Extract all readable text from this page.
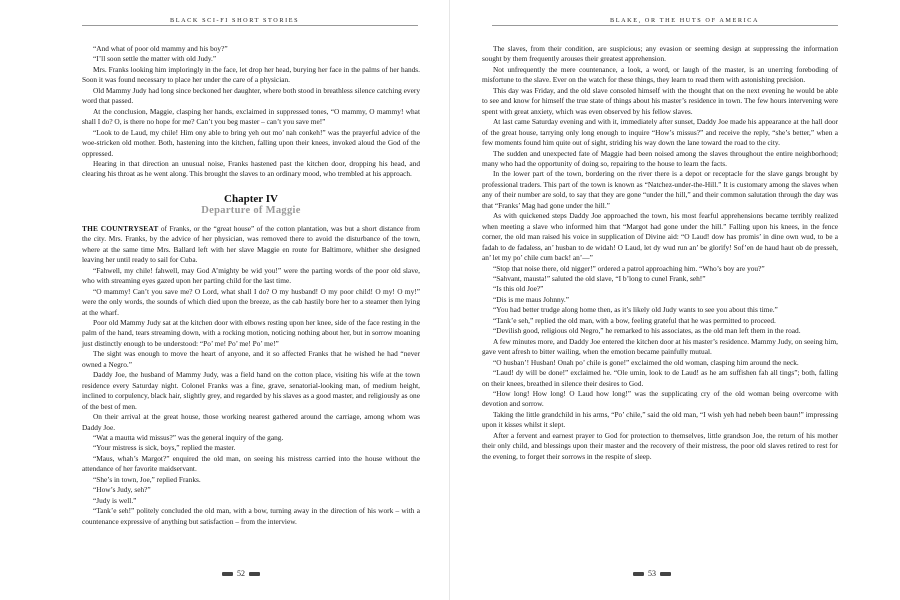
BLACK SCI-FI SHORT STORIES

“And what of poor old mammy and his boy?”

“I’ll soon settle the matter with old Judy.”

Mrs. Franks looking him imploringly in the face, let drop her head, burying her face in the palms of her hands. Soon it was found necessary to place her under the care of a physician.

Old Mammy Judy had long since beckoned her daughter, where both stood in breathless silence catching every word that passed.

At the conclusion, Maggie, clasping her hands, exclaimed in suppressed tones, “O mammy, O mammy! what shall I do? O, is there no hope for me? Can’t you beg master – can’t you save me!”

“Look to de Laud, my chile! Him ony able to bring yeh out mo’ nah conkeh!” was the prayerful advice of the woe-stricken old mother. Both, hastening into the kitchen, falling upon their knees, invoked aloud the God of the oppressed.

Hearing in that direction an unusual noise, Franks hastened past the kitchen door, dropping his head, and clearing his throat as he went along. This brought the slaves to an ordinary mood, who trembled at his approach.

Chapter IV
Departure of Maggie

THE COUNTRYSEAT of Franks, or the “great house” of the cotton plantation, was but a short distance from the city. Mrs. Franks, by the advice of her physician, was removed there to avoid the disturbance of the town, where at the same time Mrs. Ballard left with her slave Maggie en route for Baltimore, whither she designed leaving her until ready to sail for Cuba.

“Fahwell, my chile! fahwell, may God A’mighty be wid you!” were the parting words of the poor old slave, who with streaming eyes gazed upon her parting child for the last time.

“O mammy! Can’t you save me? O Lord, what shall I do? O my husband! O my poor child! O my! O my!” were the only words, the sounds of which died upon the breeze, as the cab hastily bore her to a steamer then lying at the wharf.

Poor old Mammy Judy sat at the kitchen door with elbows resting upon her knee, side of the face resting in the palm of the hand, tears streaming down, with a rocking motion, noticing nothing about her, but in sorrow moaning just distinctly enough to be understood: “Po’ me! Po’ me! Po’ me!”

The sight was enough to move the heart of anyone, and it so affected Franks that he wished he had “never owned a Negro.”

Daddy Joe, the husband of Mammy Judy, was a field hand on the cotton place, visiting his wife at the town residence every Saturday night. Colonel Franks was a fine, grave, senatorial-looking man, of medium height, inclined to corpulency, black hair, slightly grey, and regarded by his slaves as a good master, and religiously as one of the best of men.

On their arrival at the great house, those working nearest gathered around the carriage, among whom was Daddy Joe.

“Wat a mautta wid missus?” was the general inquiry of the gang.

“Your mistress is sick, boys,” replied the master.

“Maus, whah’s Margot?” enquired the old man, on seeing his mistress carried into the house without the attendance of her favorite maidservant.

“She’s in town, Joe,” replied Franks.

“How’s Judy, seh?”

“Judy is well.”

“Tank’e seh!” politely concluded the old man, with a bow, turning away in the direction of his work – with a countenance expressive of anything but satisfaction – from the interview.

52
BLAKE, OR THE HUTS OF AMERICA

The slaves, from their condition, are suspicious; any evasion or seeming design at suppressing the information sought by them frequently arouses their greatest apprehension.

Not unfrequently the mere countenance, a look, a word, or laugh of the master, is an unerring foreboding of misfortune to the slave. Ever on the watch for these things, they learn to read them with astonishing precision.

This day was Friday, and the old slave consoled himself with the thought that on the next evening he would be able to see and know for himself the true state of things about his master’s residence in town. The few hours intervening were spent with great anxiety, which was even observed by his fellow slaves.

At last came Saturday evening and with it, immediately after sunset, Daddy Joe made his appearance at the hall door of the great house, tarrying only long enough to inquire “How’s missus?” and receive the reply, “she’s better,” when a few moments found him quite out of sight, striding his way down the lane toward the road to the city.

The sudden and unexpected fate of Maggie had been noised among the slaves throughout the entire neighborhood; many who had the opportunity of doing so, repairing to the house to learn the facts.

In the lower part of the town, bordering on the river there is a depot or receptacle for the slave gangs brought by professional traders. This part of the town is known as “Natchez-under-the-Hill.” It is customary among the slaves when any of their number are sold, to say that they are gone “under the hill,” and their common salutation through the day was that “Franks’ Mag had gone under the hill.”

As with quickened steps Daddy Joe approached the town, his most fearful apprehensions became terribly realized when meeting a slave who informed him that “Margot had gone under the hill.” Falling upon his knees, in the fence corner, the old man raised his voice in supplication of Divine aid: “O Laud! dow has promis’ in dine own wud, to be a fadah to de fadaless, an’ husban to de widah! O Laud, let dy wud run an’ be glorify! Sof’en de haud haut ob de presseh, an’ let my po’ chile cum back! an’—”

“Stop that noise there, old nigger!” ordered a patrol approaching him. “Who’s boy are you?”

“Sahvant, mausta!” saluted the old slave, “I b’long to cunel Frank, seh!”

“Is this old Joe?”

“Dis is me maus Johnny.”

“You had better trudge along home then, as it’s likely old Judy wants to see you about this time.”

“Tank’e seh,” replied the old man, with a bow, feeling grateful that he was permitted to proceed.

“Devilish good, religious old Negro,” he remarked to his associates, as the old man left them in the road.

A few minutes more, and Daddy Joe entered the kitchen door at his master’s residence. Mammy Judy, on seeing him, gave vent afresh to bitter wailing, when the emotion became painfully mutual.

“O husban’! Husban! Onah po’ chile is gone!” exclaimed the old woman, clasping him around the neck.

“Laud! dy will be done!” exclaimed he. “Ole umin, look to de Laud! as he am suffishen fah all tings”; both, falling on their knees, breathed in silence their desires to God.

“How long! How long! O Laud how long!” was the supplicating cry of the old woman being overcome with devotion and sorrow.

Taking the little grandchild in his arms, “Po’ chile,” said the old man, “I wish yeh had nebeh been baun!” impressing upon it kisses whilst it slept.

After a fervent and earnest prayer to God for protection to themselves, little grandson Joe, the return of his mother their only child, and blessings upon their master and the recovery of their mistress, the poor old slaves retired to rest for the evening, to forget their sorrows in the respite of sleep.

53
